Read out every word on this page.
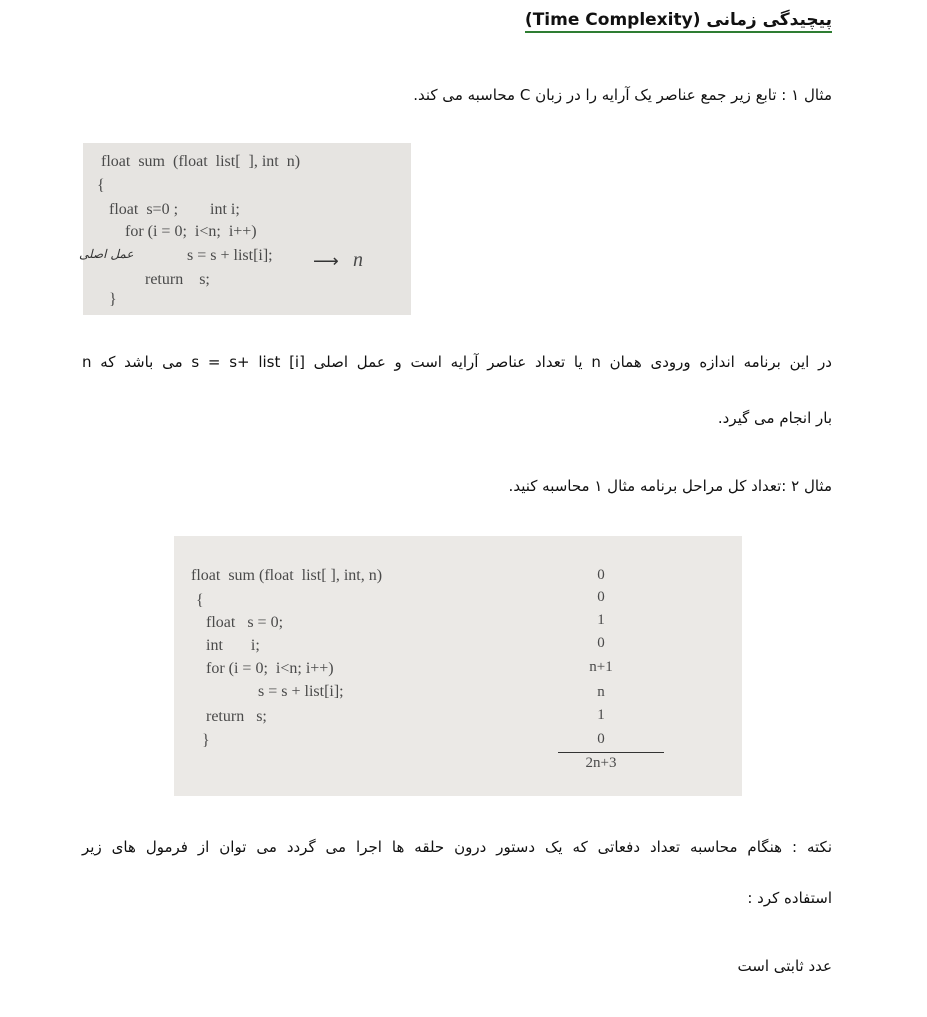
پیچیدگی زمانی (Time Complexity)
مثال ۱ : تابع زیر جمع عناصر یک آرایه را در زبان C محاسبه می کند.
float  sum  (float  list[  ], int  n)
{
float  s=0 ;        int i;
for (i = 0;  i<n;  i++)
عمل اصلی	s = s + list[i]; ⟶ n
return    s;
}
در این برنامه اندازه ورودی همان n یا تعداد عناصر آرایه است و عمل اصلی s = s+ list [i] می باشد که n
بار انجام می گیرد.
مثال ۲ :تعداد کل مراحل برنامه مثال ۱ محاسبه کنید.
float  sum (float  list[ ], int, n)
{
float   s = 0;
int       i;
for (i = 0;  i<n; i++)
s = s + list[i];
return   s;
}
0
0
1
0
n+1
n
1
0
2n+3
نکته : هنگام محاسبه تعداد دفعاتی که یک دستور درون حلقه ها اجرا می گردد می توان از فرمول های زیر
استفاده کرد :
عدد ثابتی است
